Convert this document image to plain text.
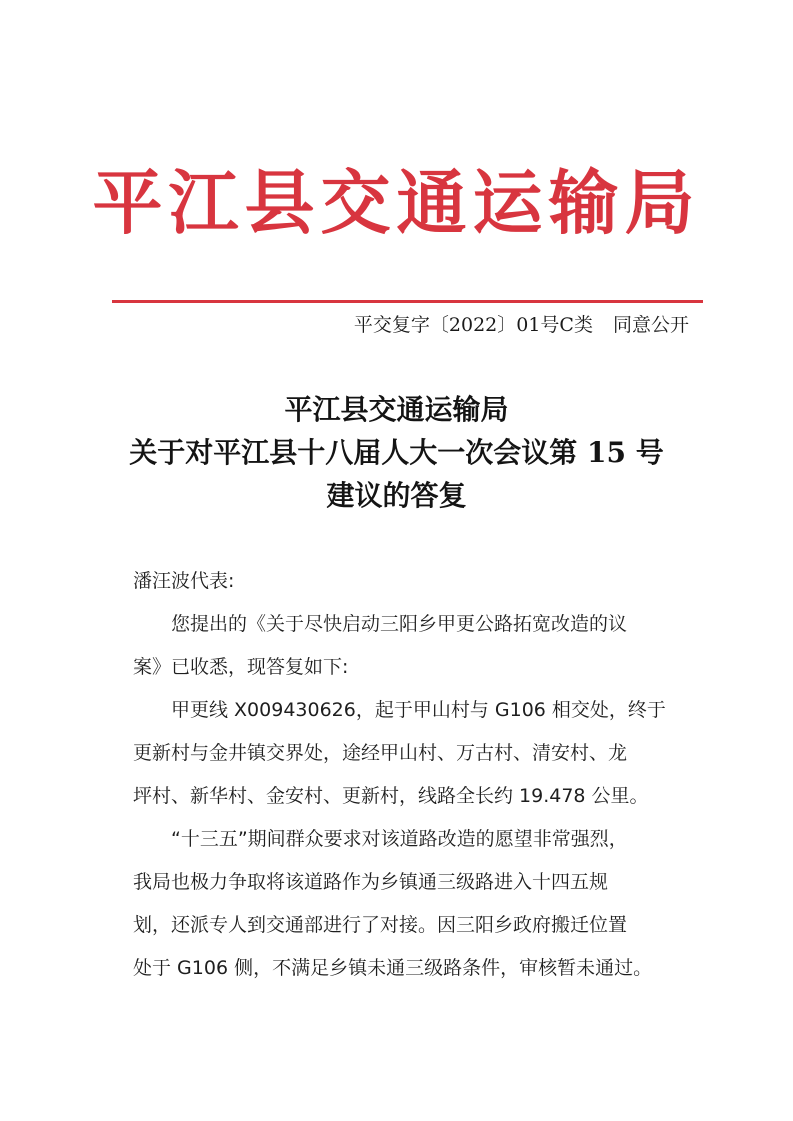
平江县交通运输局
平交复字〔2022〕01号C类 同意公开
平江县交通运输局
关于对平江县十八届人大一次会议第 15 号
建议的答复
潘汪波代表:
您提出的《关于尽快启动三阳乡甲更公路拓宽改造的议
案》已收悉，现答复如下:
甲更线 X009430626，起于甲山村与 G106 相交处，终于
更新村与金井镇交界处，途经甲山村、万古村、清安村、龙
坪村、新华村、金安村、更新村，线路全长约 19.478 公里。
“十三五”期间群众要求对该道路改造的愿望非常强烈，
我局也极力争取将该道路作为乡镇通三级路进入十四五规
划，还派专人到交通部进行了对接。因三阳乡政府搬迁位置
处于 G106 侧，不满足乡镇未通三级路条件，审核暂未通过。
